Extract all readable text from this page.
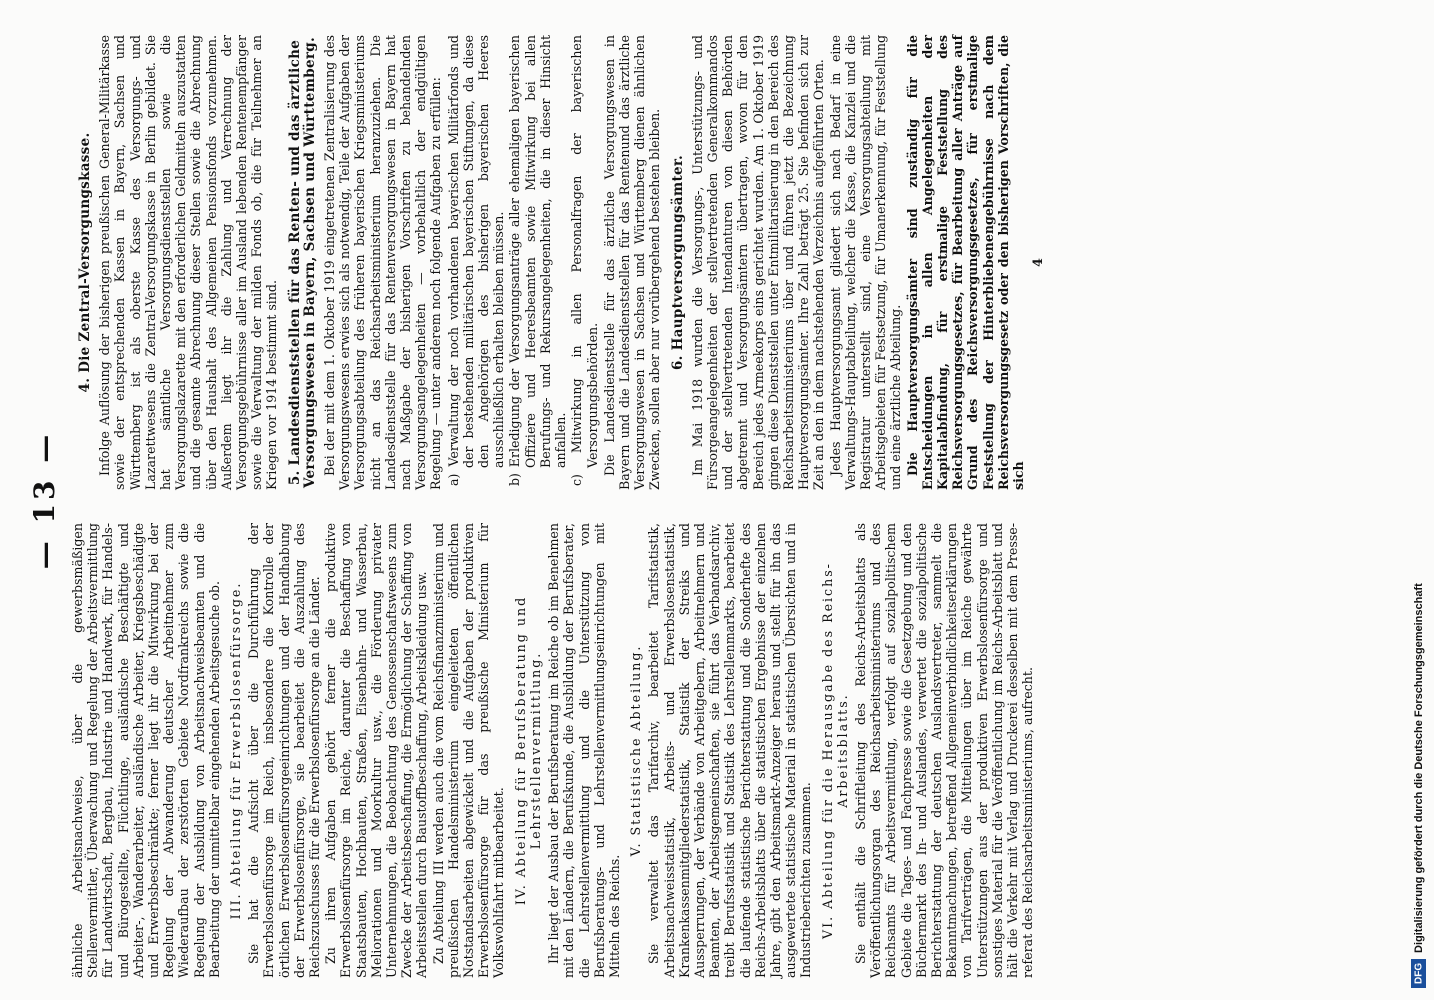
— 13 —

ähnliche Arbeitsnachweise, über die gewerbsmäßigen Stellenvermittler, Überwachung und Regelung der Arbeitsvermittlung für Landwirtschaft, Bergbau, Industrie und Handwerk, für Handels- und Bürogestellte, Flüchtlinge, ausländische Beschäftigte und Arbeiter-, Wanderarbeiter, ausländische Arbeiter, Kriegsbeschädigte und Erwerbsbeschränkte; ferner liegt ihr die Mitwirkung bei der Regelung der Abwanderung deutscher Arbeitnehmer zum Wiederaufbau der zerstörten Gebiete Nordfrankreichs sowie die Regelung der Ausbildung von Arbeitsnachweisbeamten und die Bearbeitung der unmittelbar eingehenden Arbeitsgesuche ob. III. Abteilung für Erwerbslosenfürsorge. Sie hat die Aufsicht über die Durchführung der Erwerbslosenfürsorge im Reich, insbesondere die Kontrolle der örtlichen Erwerbslosenfürsorgeeinrichtungen und der Handhabung der Erwerbslosenfürsorge, sie bearbeitet die Auszahlung des Reichszuschusses für die Erwerbslosenfürsorge an die Länder. Zu ihren Aufgaben gehört ferner die produktive Erwerbslosenfürsorge im Reiche, darunter die Beschaffung von Staatsbauten, Hochbauten, Straßen, Eisenbahn- und Wasserbau, Meliorationen und Moorkultur usw., die Förderung privater Unternehmungen, die Beobachtung des Genossenschaftswesens zum Zwecke der Arbeitsbeschaffung, die Ermöglichung der Schaffung von Arbeitsstellen durch Baustoffbeschaffung, Arbeitskleidung usw. Zu Abteilung III werden auch die vom Reichsfinanzministerium und preußischen Handelsministerium eingeleiteten öffentlichen Notstandsarbeiten abgewickelt und die Aufgaben der produktiven Erwerbslosenfürsorge für das preußische Ministerium für Volkswohlfahrt mitbearbeitet. IV. Abteilung für Berufsberatung und Lehrstellenvermittlung. Ihr liegt der Ausbau der Berufsberatung im Reiche ob im Benehmen mit den Ländern, die Berufskunde, die Ausbildung der Berufsberater, die Lehrstellenvermittlung und die Unterstützung von Berufsberatungs- und Lehrstellenvermittlungseinrichtungen mit Mitteln des Reichs.

V. Statistische Abteilung. Sie verwaltet das Tarifarchiv, bearbeitet Tarifstatistik, Arbeitsnachweisstatistik, Arbeits- und Erwerbslosenstatistik, Krankenkassenmitgliederstatistik, Statistik der Streiks und Aussperrungen, der Verbände von Arbeitgebern, Arbeitnehmern und Beamten, der Arbeitsgemeinschaften, sie führt das Verbandsarchiv, treibt Berufsstatistik und Statistik des Lehrstellenmarkts, bearbeitet die laufende statistische Berichterstattung und die Sonderhefte des Reichs-Arbeitsblatts über die statistischen Ergebnisse der einzelnen Jahre, gibt den Arbeitsmarkt-Anzeiger heraus und stellt für ihn das ausgewertete statistische Material in statistischen Übersichten und in Industrieberichten zusammen. VI. Abteilung für die Herausgabe des Reichs-Arbeitsblatts. Sie enthält die Schriftleitung des Reichs-Arbeitsblatts als Veröffentlichungsorgan des Reichsarbeitsministeriums und des Reichsamts für Arbeitsvermittlung, verfolgt auf sozialpolitischem Gebiete die Tages- und Fachpresse sowie die Gesetzgebung und den Büchermarkt des In- und Auslandes, verwertet die sozialpolitische Berichterstattung der deutschen Auslandsvertreter, sammelt die Bekanntmachungen, betreffend Allgemeinverbindlichkeitserklärungen von Tarifverträgen, die Mitteilungen über im Reiche gewährte Unterstützungen aus der produktiven Erwerbslosenfürsorge und sonstiges Material für die Veröffentlichung im Reichs-Arbeitsblatt und hält die Verkehr mit Verlag und Druckerei desselben mit dem Presse-referat des Reichsarbeitsministeriums, aufrecht.

4. Die Zentral-Versorgungskasse. Infolge Auflösung der bisherigen preußischen General-Militärkasse sowie der entsprechenden Kassen in Bayern, Sachsen und Württemberg ist als oberste Kasse des Versorgungs- und Lazarettwesens die Zentral-Versorgungskasse in Berlin gebildet. Sie hat sämtliche Versorgungsdienststellen sowie die Versorgungslazarette mit den erforderlichen Geldmitteln auszustatten und die gesamte Abrechnung dieser Stellen sowie die Abrechnung über den Haushalt des Allgemeinen Pensionsfonds vorzunehmen. Außerdem liegt ihr die Zahlung und Verrechnung der Versorgungsgebührnisse aller im Ausland lebenden Rentenempfänger sowie die Verwaltung der milden Fonds ob, die für Teilnehmer an Kriegen vor 1914 bestimmt sind. 5. Landesdienststellen für das Renten- und das ärztliche Versorgungswesen in Bayern, Sachsen und Württemberg. Bei der mit dem 1. Oktober 1919 eingetretenen Zentralisierung des Versorgungswesens erwies sich als notwendig, Teile der Aufgaben der Versorgungsabteilung des früheren bayerischen Kriegsministeriums nicht an das Reichsarbeitsministerium heranzuziehen. Die Landesdienststelle für das Rentenversorgungswesen in Bayern hat nach Maßgabe der bisherigen Vorschriften zu behandelnden Versorgungsangelegenheiten — vorbehaltlich der endgültigen Regelung — unter anderem noch folgende Aufgaben zu erfüllen: a) Verwaltung der noch vorhandenen bayerischen Militärfonds und der bestehenden militärischen bayerischen Stiftungen, da diese den Angehörigen des bisherigen bayerischen Heeres ausschließlich erhalten bleiben müssen. b) Erledigung der Versorgungsanträge aller ehemaligen bayerischen Offiziere und Heeresbeamten sowie Mitwirkung bei allen Berufungs- und Rekursangelegenheiten, die in dieser Hinsicht anfallen. c) Mitwirkung in allen Personalfragen der bayerischen Versorgungsbehörden. Die Landesdienststelle für das ärztliche Versorgungswesen in Bayern und die Landesdienststellen für das Rentenund das ärztliche Versorgungswesen in Sachsen und Württemberg dienen ähnlichen Zwecken, sollen aber nur vorübergehend bestehen bleiben. 6. Hauptversorgungsämter. Im Mai 1918 wurden die Versorgungs-, Unterstützungs- und Fürsorgeangelegenheiten der stellvertretenden Generalkommandos und der stellvertretenden Intendanturen von diesen Behörden abgetrennt und Versorgungsämtern übertragen, wovon für den Bereich jedes Armeekorps eins gerichtet wurden. Am 1. Oktober 1919 gingen diese Dienststellen unter Entmilitarisierung in den Bereich des Reichsarbeitsministeriums über und führen jetzt die Bezeichnung Hauptversorgungsämter. Ihre Zahl beträgt 25. Sie befinden sich zur Zeit an den in dem nachstehenden Verzeichnis aufgeführten Orten. Jedes Hauptversorgungsamt gliedert sich nach Bedarf in eine Verwaltungs-Hauptabteilung, welcher die Kasse, die Kanzlei und die Registratur unterstellt sind, eine Versorgungsabteilung mit Arbeitsgebieten für Festsetzung, für Umanerkennung, für Feststellung und eine ärztliche Abteilung. Die Hauptversorgungsämter sind zuständig für die Entscheidungen in allen Angelegenheiten der Kapitalabfindung, für erstmalige Feststellung des Reichsversorgungsgesetzes, für Bearbeitung aller Anträge auf Grund des Reichsversorgungsgesetzes, für erstmalige Feststellung der Hinterbliebenengebührnisse nach dem Reichsversorgungsgesetz oder den bisherigen Vorschriften, die sich

4
DFG
Digitalisierung gefördert durch die Deutsche Forschungsgemeinschaft
